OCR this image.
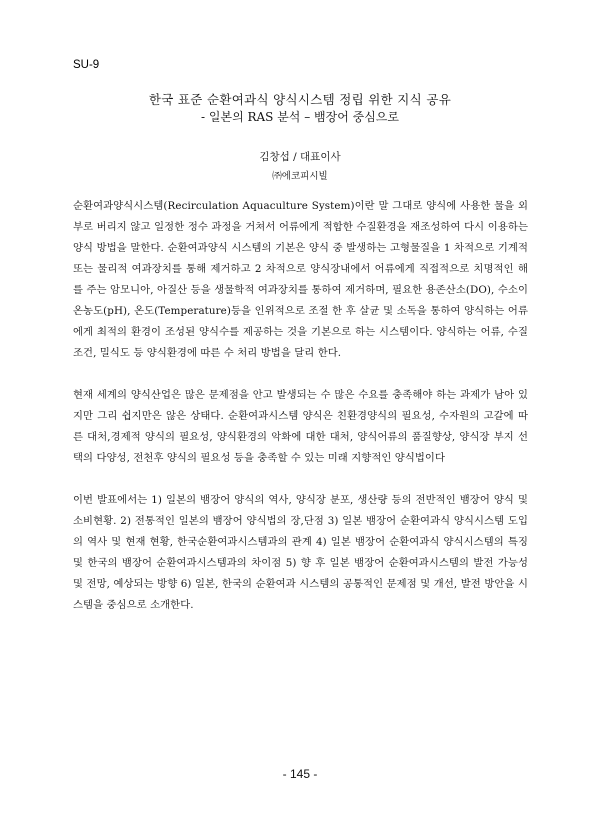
SU-9
한국 표준 순환여과식 양식시스템 정립 위한 지식 공유
- 일본의 RAS 분석 – 뱀장어 중심으로
김창섭 / 대표이사
㈜에코피시빌

순환여과양식시스템(Recirculation Aquaculture System)이란 말 그대로 양식에 사용한 물을 외부로 버리지 않고 일정한 정수 과정을 거쳐서 어류에게 적합한 수질환경을 재조성하여 다시 이용하는 양식 방법을 말한다. 순환여과양식 시스템의 기본은 양식 중 발생하는 고형물질을 1 차적으로 기계적 또는 물리적 여과장치를 통해 제거하고 2 차적으로 양식장내에서 어류에게 직접적으로 치명적인 해를 주는 암모니아, 아질산 등을 생물학적 여과장치를 통하여 제거하며, 필요한 용존산소(DO), 수소이온농도(pH), 온도(Temperature)등을 인위적으로 조절 한 후 살균 및 소독을 통하여 양식하는 어류에게 최적의 환경이 조성된 양식수를 제공하는 것을 기본으로 하는 시스템이다. 양식하는 어류, 수질조건, 밀식도 등 양식환경에 따른 수 처리 방법을 달리 한다.

현재 세계의 양식산업은 많은 문제점을 안고 발생되는 수 많은 수요를 충족해야 하는 과제가 남아 있지만 그리 쉽지만은 않은 상태다. 순환여과시스템 양식은 친환경양식의 필요성, 수자원의 고갈에 따른 대처,경제적 양식의 필요성, 양식환경의 악화에 대한 대처, 양식어류의 품질향상, 양식장 부지 선택의 다양성, 전천후 양식의 필요성 등을 충족할 수 있는 미래 지향적인 양식법이다

이번 발표에서는 1) 일본의 뱀장어 양식의 역사, 양식장 분포, 생산량 등의 전반적인 뱀장어 양식 및 소비현황. 2) 전통적인 일본의 뱀장어 양식법의 장,단점 3) 일본 뱀장어 순환여과식 양식시스템 도입의 역사 및 현재 현황, 한국순환여과시스템과의 관계 4) 일본 뱀장어 순환여과식 양식시스템의 특징 및 한국의 뱀장어 순환여과시스템과의 차이점 5) 향 후 일본 뱀장어 순환여과시스템의 발전 가능성 및 전망, 예상되는 방향 6) 일본, 한국의 순환여과 시스템의 공통적인 문제점 및 개선, 발전 방안을 시스템을 중심으로 소개한다.

- 145 -
